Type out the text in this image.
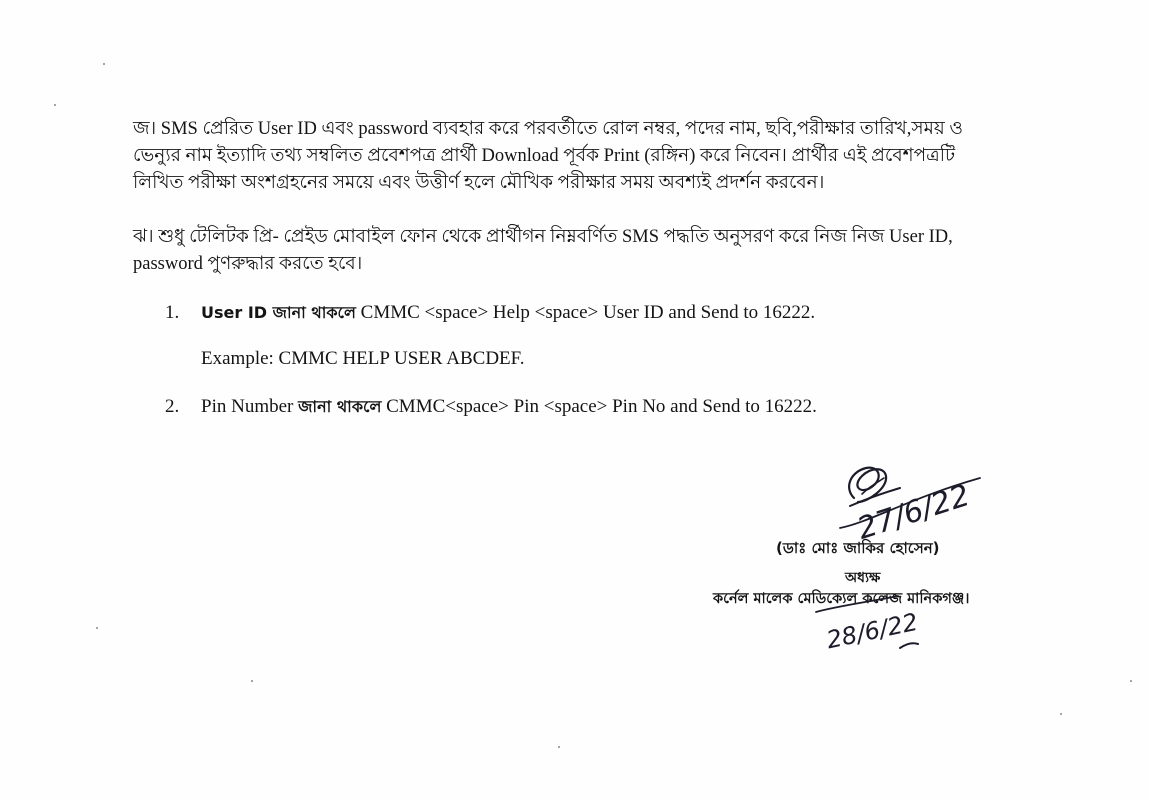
জ। SMS প্রেরিত User ID এবং password ব্যবহার করে পরবর্তীতে রোল নম্বর, পদের নাম, ছবি,পরীক্ষার তারিখ,সময় ও
ভেন্যুর নাম ইত্যাদি তথ্য সম্বলিত প্রবেশপত্র প্রার্থী Download পূর্বক Print (রঙ্গিন) করে নিবেন। প্রার্থীর এই প্রবেশপত্রটি
লিখিত পরীক্ষা অংশগ্রহনের সময়ে এবং উত্তীর্ণ হলে মৌখিক পরীক্ষার সময় অবশ্যই প্রদর্শন করবেন।
ঝ। শুধু টেলিটক প্রি- প্রেইড মোবাইল ফোন থেকে প্রার্থীগন নিম্নবর্ণিত SMS পদ্ধতি অনুসরণ করে নিজ নিজ User ID,
password পুণরুদ্ধার করতে হবে।
1. User ID জানা থাকলে CMMC <space> Help <space> User ID and Send to 16222.
Example: CMMC HELP USER ABCDEF.
2. Pin Number জানা থাকলে CMMC<space> Pin <space> Pin No and Send to 16222.
27/6/22
(ডাঃ মোঃ জাকির হোসেন)
অধ্যক্ষ
কর্নেল মালেক মেডিক্যেল কলেজ মানিকগঞ্জ।
28/6/22
